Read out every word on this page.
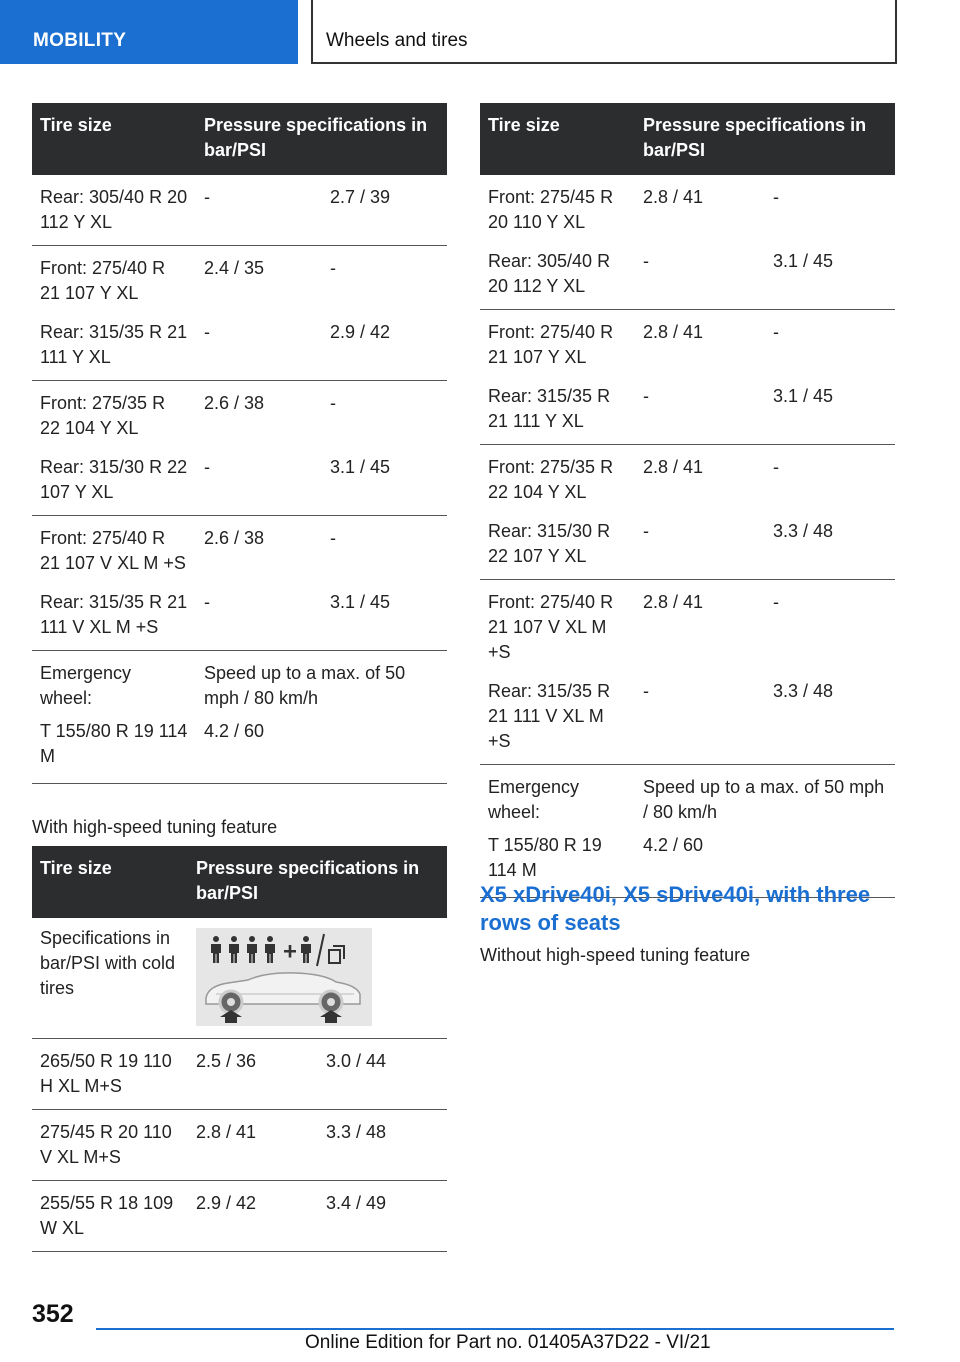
MOBILITY	Wheels and tires
Tire size	Pressure specifications in bar/PSI	
Rear: 305/40 R 20 112 Y XL	-	2.7 / 39
Front: 275/40 R 21 107 Y XL	2.4 / 35	-
Rear: 315/35 R 21 111 Y XL	-	2.9 / 42
Front: 275/35 R 22 104 Y XL	2.6 / 38	-
Rear: 315/30 R 22 107 Y XL	-	3.1 / 45
Front: 275/40 R 21 107 V XL M +S	2.6 / 38	-
Rear: 315/35 R 21 111 V XL M +S	-	3.1 / 45
Emergency wheel:	Speed up to a max. of 50 mph / 80 km/h	
T 155/80 R 19 114 M	4.2 / 60	
With high-speed tuning feature
Tire size	Pressure specifications in bar/PSI	
Specifications in bar/PSI with cold tires	

265/50 R 19 110 H XL M+S	2.5 / 36	3.0 / 44
275/45 R 20 110 V XL M+S	2.8 / 41	3.3 / 48
255/55 R 18 109 W XL	2.9 / 42	3.4 / 49
Tire size	Pressure specifications in bar/PSI	
Front: 275/45 R 20 110 Y XL	2.8 / 41	-
Rear: 305/40 R 20 112 Y XL	-	3.1 / 45
Front: 275/40 R 21 107 Y XL	2.8 / 41	-
Rear: 315/35 R 21 111 Y XL	-	3.1 / 45
Front: 275/35 R 22 104 Y XL	2.8 / 41	-
Rear: 315/30 R 22 107 Y XL	-	3.3 / 48
Front: 275/40 R 21 107 V XL M +S	2.8 / 41	-
Rear: 315/35 R 21 111 V XL M +S	-	3.3 / 48
Emergency wheel:	Speed up to a max. of 50 mph / 80 km/h	
T 155/80 R 19 114 M	4.2 / 60	
X5 xDrive40i, X5 sDrive40i, with three rows of seats
Without high-speed tuning feature
352
Online Edition for Part no. 01405A37D22 - VI/21
